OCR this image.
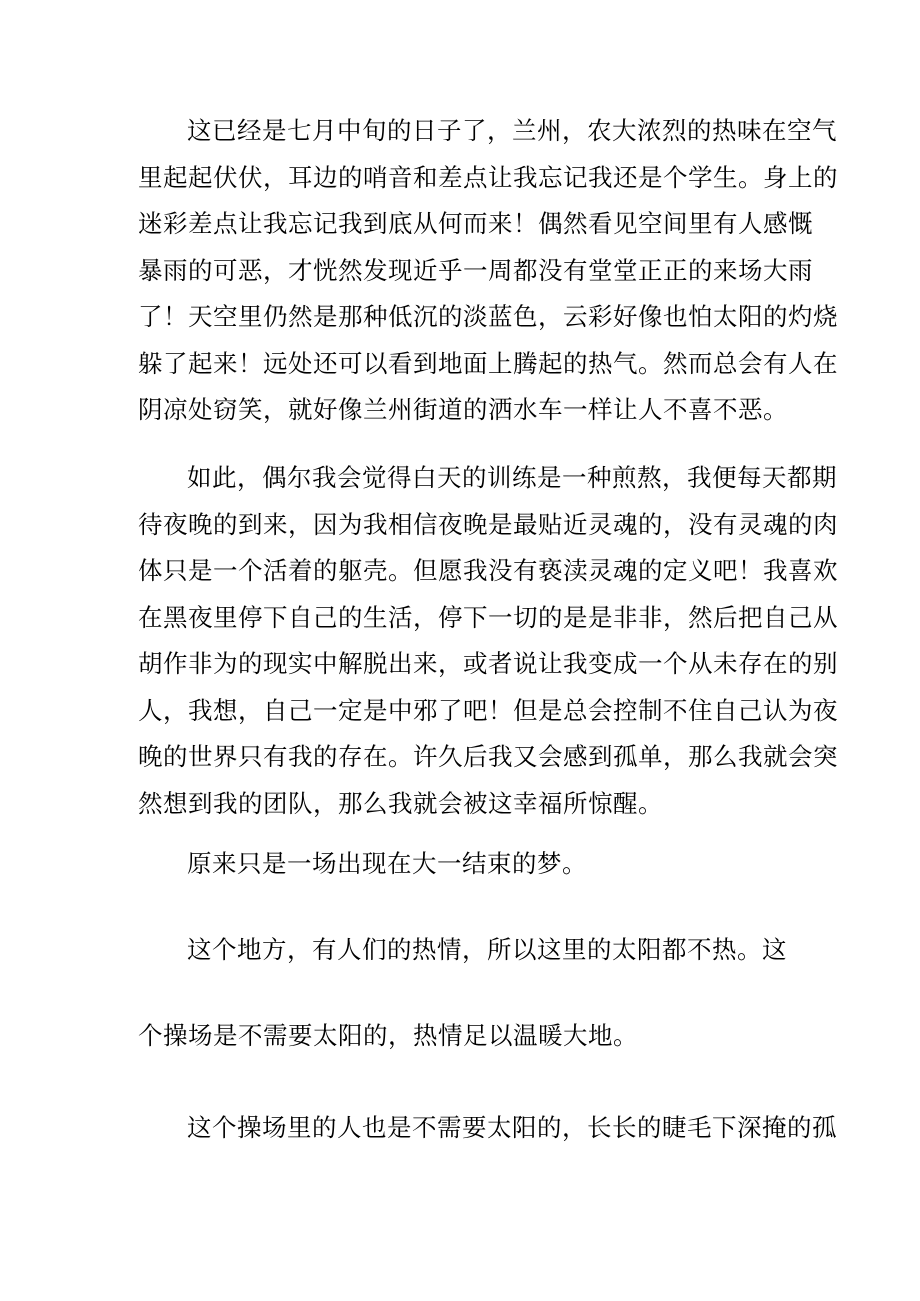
这已经是七月中旬的日子了，兰州，农大浓烈的热味在空气
里起起伏伏，耳边的哨音和差点让我忘记我还是个学生。身上的
迷彩差点让我忘记我到底从何而来！偶然看见空间里有人感慨
暴雨的可恶，才恍然发现近乎一周都没有堂堂正正的来场大雨
了！天空里仍然是那种低沉的淡蓝色，云彩好像也怕太阳的灼烧
躲了起来！远处还可以看到地面上腾起的热气。然而总会有人在
阴凉处窃笑，就好像兰州街道的洒水车一样让人不喜不恶。

如此，偶尔我会觉得白天的训练是一种煎熬，我便每天都期
待夜晚的到来，因为我相信夜晚是最贴近灵魂的，没有灵魂的肉
体只是一个活着的躯壳。但愿我没有亵渎灵魂的定义吧！我喜欢
在黑夜里停下自己的生活，停下一切的是是非非，然后把自己从
胡作非为的现实中解脱出来，或者说让我变成一个从未存在的别
人，我想，自己一定是中邪了吧！但是总会控制不住自己认为夜
晚的世界只有我的存在。许久后我又会感到孤单，那么我就会突
然想到我的团队，那么我就会被这幸福所惊醒。

原来只是一场出现在大一结束的梦。

这个地方，有人们的热情，所以这里的太阳都不热。这

个操场是不需要太阳的，热情足以温暖大地。

这个操场里的人也是不需要太阳的，长长的睫毛下深掩的孤
